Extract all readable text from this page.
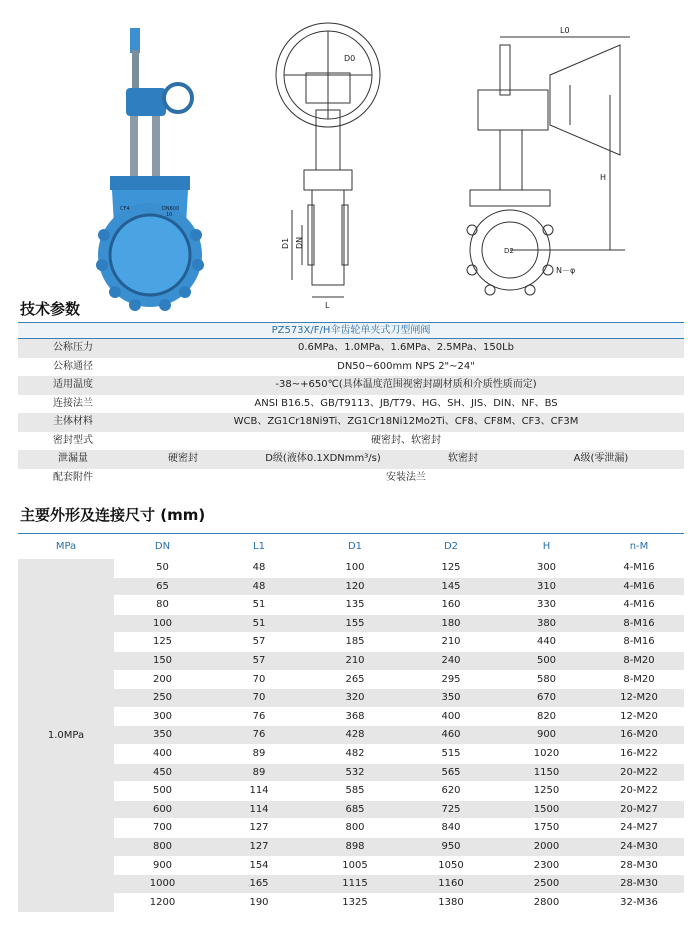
CF4	DN600
10
D0
D1 DN
L
L0
H
N－φ
D2
技术参数
PZ573X/F/H伞齿轮单夹式刀型闸阀
公称压力	0.6MPa、1.0MPa、1.6MPa、2.5MPa、150Lb
公称通径	DN50~600mm NPS 2"~24"
适用温度	-38~+650℃(具体温度范围视密封副材质和介质性质而定)
连接法兰	ANSI B16.5、GB/T9113、JB/T79、HG、SH、JIS、DIN、NF、BS
主体材料	WCB、ZG1Cr18Ni9Ti、ZG1Cr18Ni12Mo2Ti、CF8、CF8M、CF3、CF3M
密封型式	硬密封、软密封
泄漏量	硬密封	D级(液体0.1XDNmm³/s)	软密封	A级(零泄漏)
配套附件	安装法兰
主要外形及连接尺寸 (mm)
MPa	DN	L1	D1	D2	H	n-M
1.0MPa
50	48	100	125	300	4-M16
65	48	120	145	310	4-M16
80	51	135	160	330	4-M16
100	51	155	180	380	8-M16
125	57	185	210	440	8-M16
150	57	210	240	500	8-M20
200	70	265	295	580	8-M20
250	70	320	350	670	12-M20
300	76	368	400	820	12-M20
350	76	428	460	900	16-M20
400	89	482	515	1020	16-M22
450	89	532	565	1150	20-M22
500	114	585	620	1250	20-M22
600	114	685	725	1500	20-M27
700	127	800	840	1750	24-M27
800	127	898	950	2000	24-M30
900	154	1005	1050	2300	28-M30
1000	165	1115	1160	2500	28-M30
1200	190	1325	1380	2800	32-M36
